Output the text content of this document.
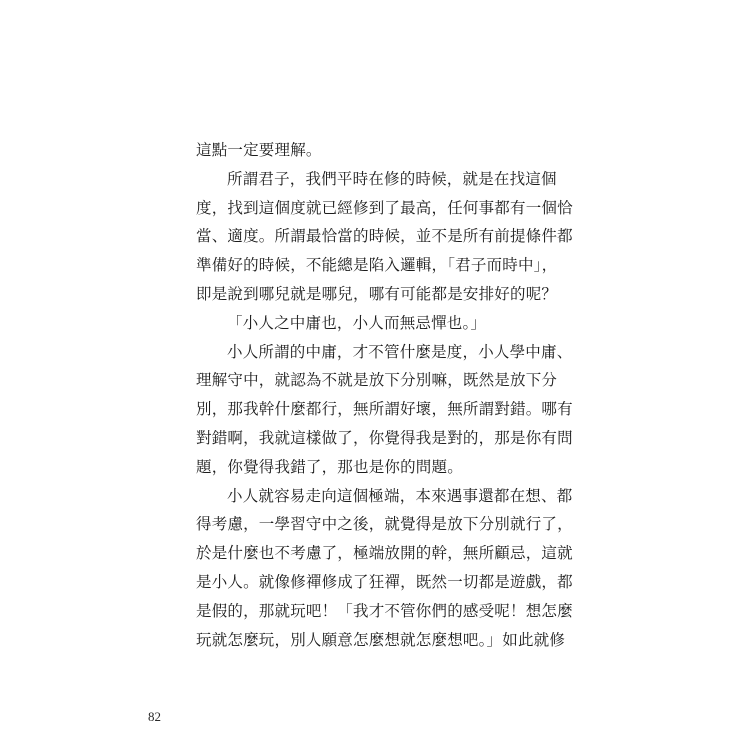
這點一定要理解。
所謂君子，我們平時在修的時候，就是在找這個
度，找到這個度就已經修到了最高，任何事都有一個恰
當、適度。所謂最恰當的時候，並不是所有前提條件都
準備好的時候，不能總是陷入邏輯，「君子而時中」，
即是說到哪兒就是哪兒，哪有可能都是安排好的呢？
「小人之中庸也，小人而無忌憚也。」
小人所謂的中庸，才不管什麼是度，小人學中庸、
理解守中，就認為不就是放下分別嘛，既然是放下分
別，那我幹什麼都行，無所謂好壞，無所謂對錯。哪有
對錯啊，我就這樣做了，你覺得我是對的，那是你有問
題，你覺得我錯了，那也是你的問題。
小人就容易走向這個極端，本來遇事還都在想、都
得考慮，一學習守中之後，就覺得是放下分別就行了，
於是什麼也不考慮了，極端放開的幹，無所顧忌，這就
是小人。就像修禪修成了狂禪，既然一切都是遊戲，都
是假的，那就玩吧！「我才不管你們的感受呢！想怎麼
玩就怎麼玩，別人願意怎麼想就怎麼想吧。」如此就修
82
